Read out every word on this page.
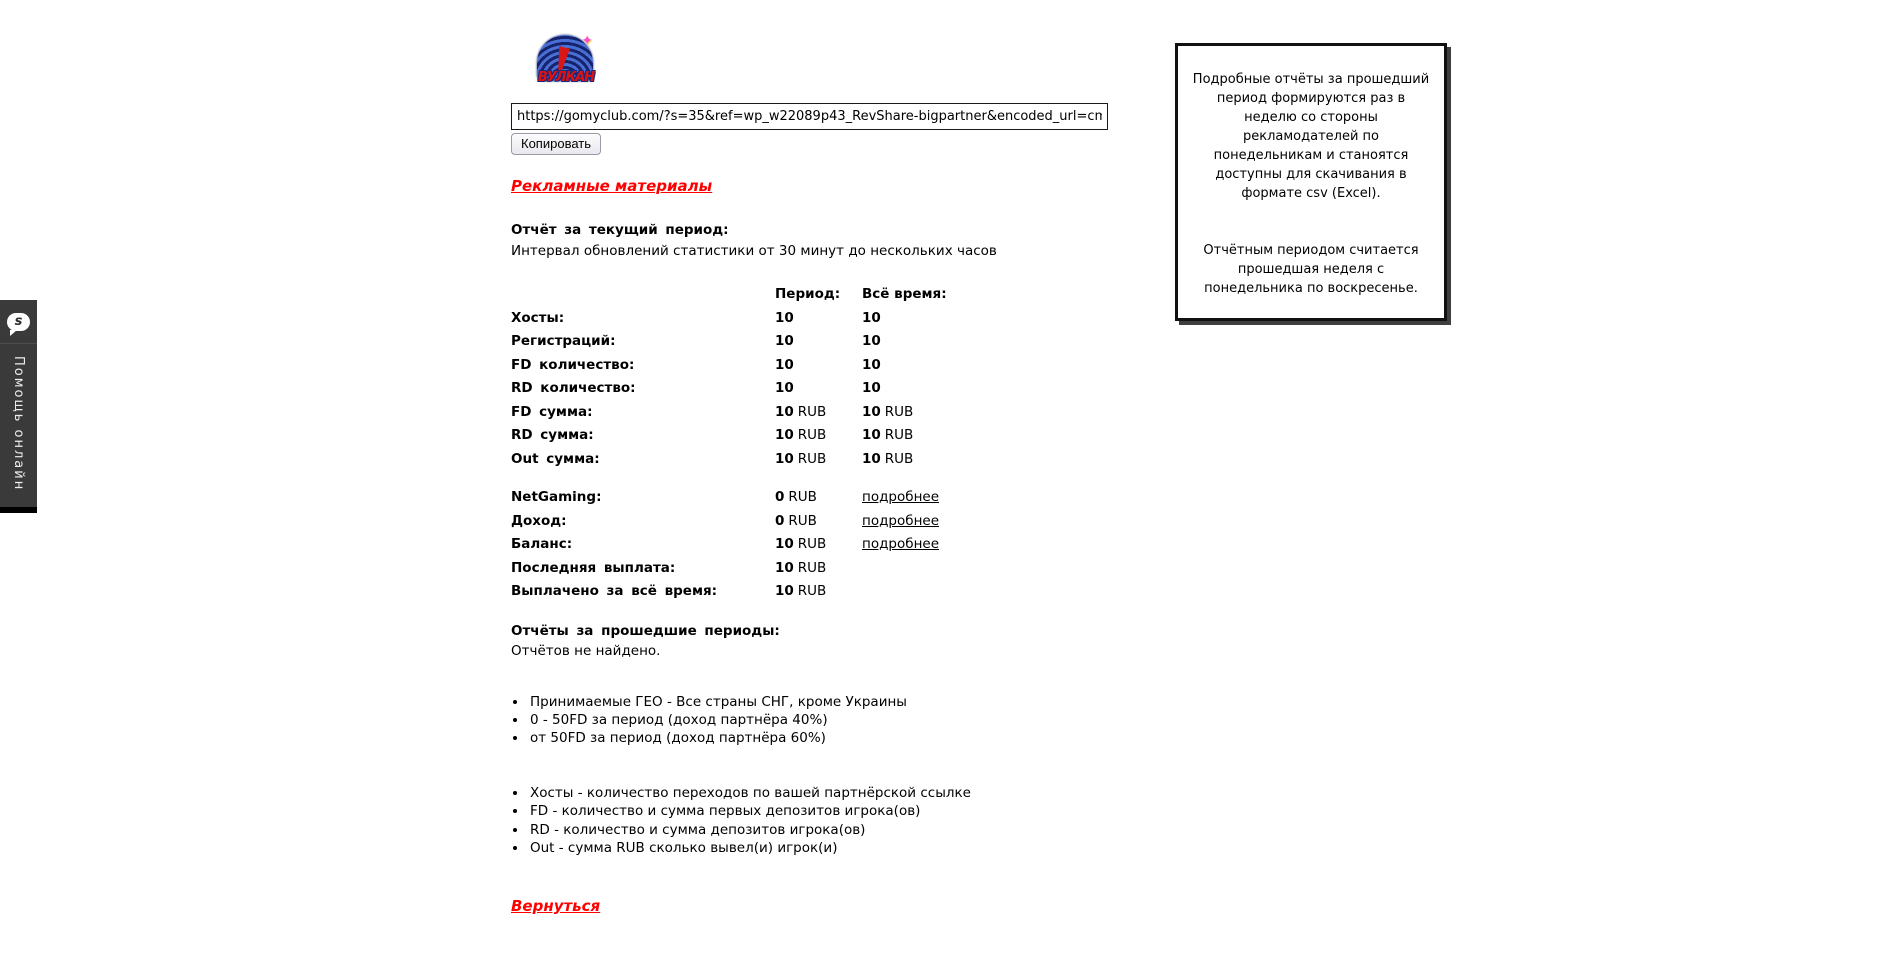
✦
ВУЛКАН
https://gomyclub.com/?s=35&ref=wp_w22089p43_RevShare-bigpartner&encoded_url=cmVnaXN Копировать
Рекламные материалы
Отчёт за текущий период:
Интервал обновлений статистики от 30 минут до нескольких часов
Период:	Всё время:
Хосты:	10	10
Регистраций:	10	10
FD количество:	10	10
RD количество:	10	10
FD сумма:	10 RUB	10 RUB
RD сумма:	10 RUB	10 RUB
Out сумма:	10 RUB	10 RUB
NetGaming:	0 RUB	подробнее
Доход:	0 RUB	подробнее
Баланс:	10 RUB	подробнее
Последняя выплата:	10 RUB
Выплачено за всё время:	10 RUB
Отчёты за прошедшие периоды:
Отчётов не найдено.
• Принимаемые ГЕО - Все страны СНГ, кроме Украины
• 0 - 50FD за период (доход партнёра 40%)
• от 50FD за период (доход партнёра 60%)
• Хосты - количество переходов по вашей партнёрской ссылке
• FD - количество и сумма первых депозитов игрока(ов)
• RD - количество и сумма депозитов игрока(ов)
• Out - сумма RUB сколько вывел(и) игрок(и)
Вернуться

Подробные отчёты за прошедший период формируются раз в неделю со стороны рекламодателей по понедельникам и станоятся доступны для скачивания в формате csv (Excel).

Отчётным периодом считается прошедшая неделя с понедельника по воскресенье.

s
Помощь онлайн
